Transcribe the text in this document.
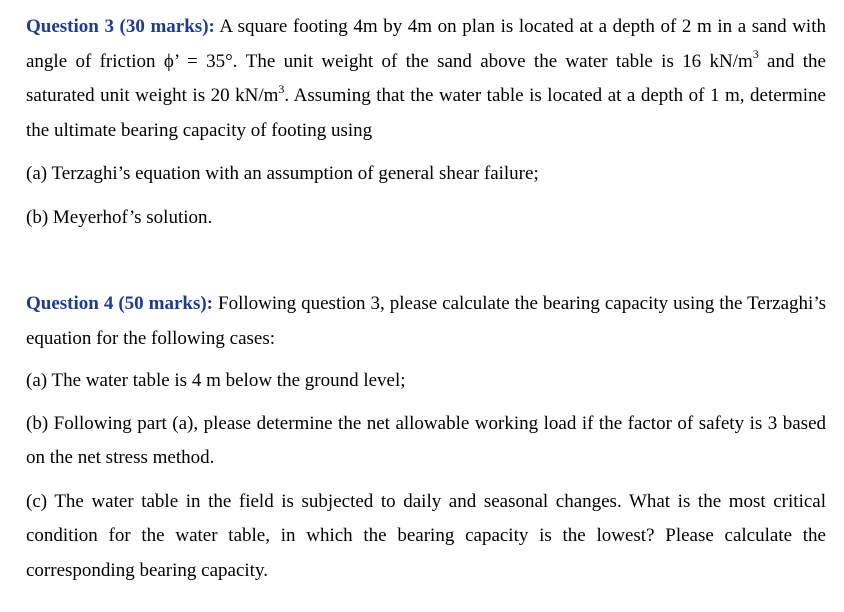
Question 3 (30 marks): A square footing 4m by 4m on plan is located at a depth of 2 m in a sand with angle of friction ϕ’ = 35°. The unit weight of the sand above the water table is 16 $kN/m^3$ and the saturated unit weight is 20 $kN/m^3$. Assuming that the water table is located at a depth of 1 m, determine the ultimate bearing capacity of footing using

(a) Terzaghi’s equation with an assumption of general shear failure;

(b) Meyerhof’s solution.

Question 4 (50 marks): Following question 3, please calculate the bearing capacity using the Terzaghi’s equation for the following cases:

(a) The water table is 4 m below the ground level;

(b) Following part (a), please determine the net allowable working load if the factor of safety is 3 based on the net stress method.

(c) The water table in the field is subjected to daily and seasonal changes. What is the most critical condition for the water table, in which the bearing capacity is the lowest? Please calculate the corresponding bearing capacity.
